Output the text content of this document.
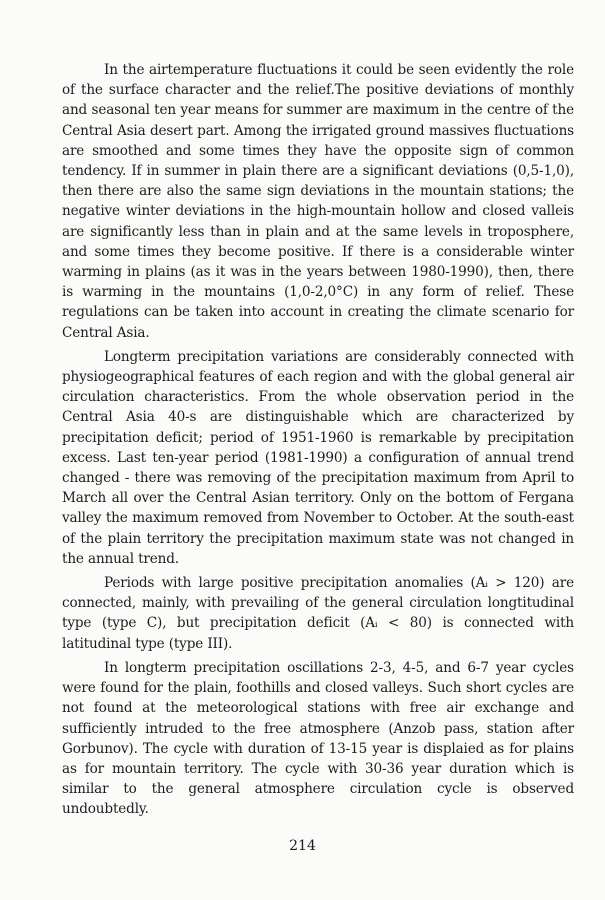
In the airtemperature fluctuations it could be seen evidently the role of the surface character and the relief.The positive deviations of monthly and seasonal ten year means for summer are maximum in the centre of the Central Asia desert part. Among the irrigated ground massives fluctuations are smoothed and some times they have the opposite sign of common tendency. If in summer in plain there are a significant deviations (0,5-1,0), then there are also the same sign deviations in the mountain stations; the negative winter deviations in the high-mountain hollow and closed valleis are significantly less than in plain and at the same levels in troposphere, and some times they become positive. If there is a considerable winter warming in plains (as it was in the years between 1980-1990), then, there is warming in the mountains (1,0-2,0°C) in any form of relief. These regulations can be taken into account in creating the climate scenario for Central Asia.

Longterm precipitation variations are considerably connected with physiogeographical features of each region and with the global general air circulation characteristics. From the whole observation period in the Central Asia 40-s are distinguishable which are characterized by precipitation deficit; period of 1951-1960 is remarkable by precipitation excess. Last ten-year period (1981-1990) a configuration of annual trend changed - there was removing of the precipitation maximum from April to March all over the Central Asian territory. Only on the bottom of Fergana valley the maximum removed from November to October. At the south-east of the plain territory the precipitation maximum state was not changed in the annual trend.

Periods with large positive precipitation anomalies (Aᵢ > 120) are connected, mainly, with prevailing of the general circulation longtitudinal type (type C), but precipitation deficit (Aᵢ < 80) is connected with latitudinal type (type III).

In longterm precipitation oscillations 2-3, 4-5, and 6-7 year cycles were found for the plain, foothills and closed valleys. Such short cycles are not found at the meteorological stations with free air exchange and sufficiently intruded to the free atmosphere (Anzob pass, station after Gorbunov). The cycle with duration of 13-15 year is displaied as for plains as for mountain territory. The cycle with 30-36 year duration which is similar to the general atmosphere circulation cycle is observed undoubtedly.

214
